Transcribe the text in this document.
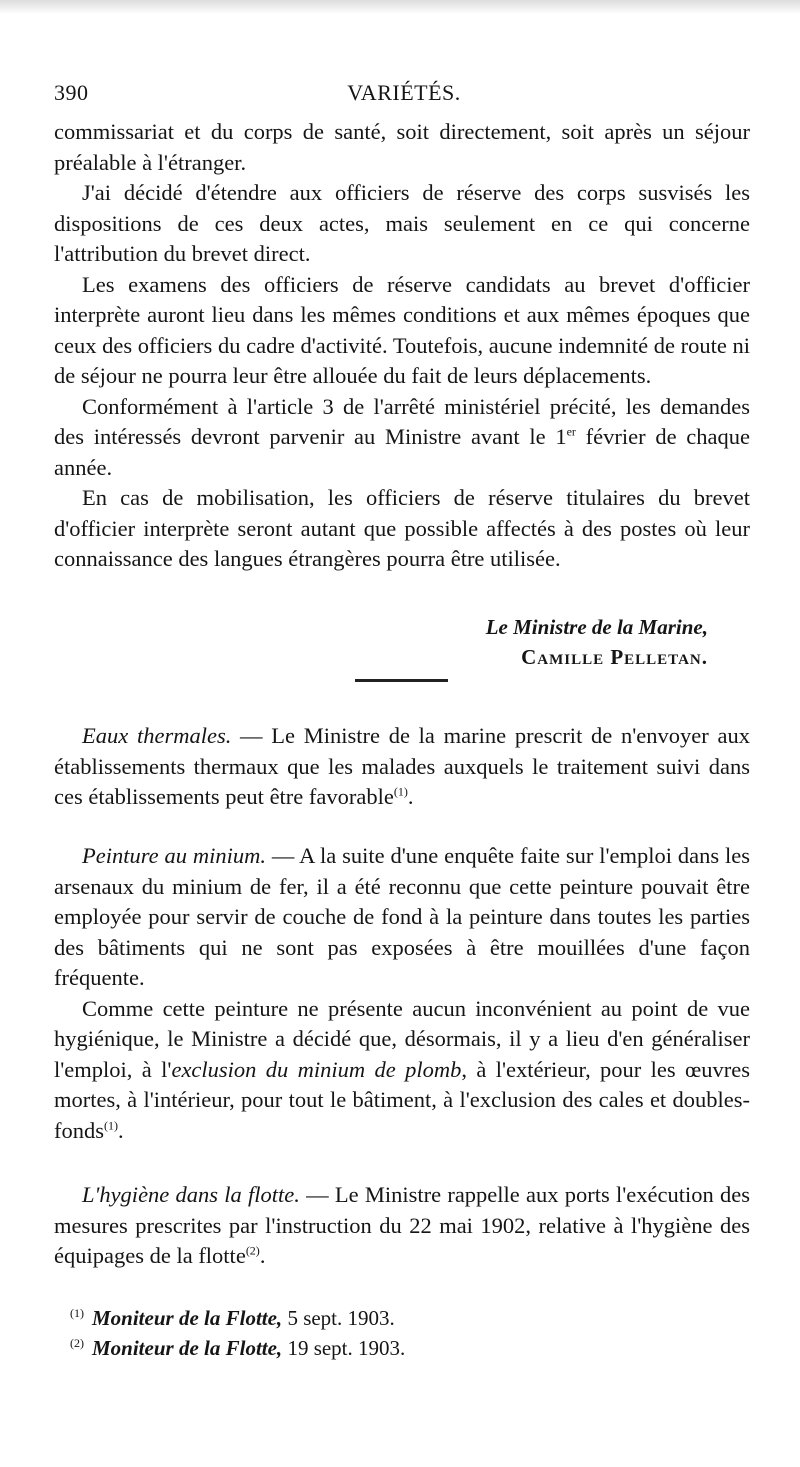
390	VARIÉTÉS.

commissariat et du corps de santé, soit directement, soit après un séjour préalable à l'étranger.

J'ai décidé d'étendre aux officiers de réserve des corps susvisés les dispositions de ces deux actes, mais seulement en ce qui concerne l'attribution du brevet direct.

Les examens des officiers de réserve candidats au brevet d'officier interprète auront lieu dans les mêmes conditions et aux mêmes époques que ceux des officiers du cadre d'activité. Toutefois, aucune indemnité de route ni de séjour ne pourra leur être allouée du fait de leurs déplacements.

Conformément à l'article 3 de l'arrêté ministériel précité, les demandes des intéressés devront parvenir au Ministre avant le 1er février de chaque année.

En cas de mobilisation, les officiers de réserve titulaires du brevet d'officier interprète seront autant que possible affectés à des postes où leur connaissance des langues étrangères pourra être utilisée.

Le Ministre de la Marine,
Camille Pelletan.

Eaux thermales. — Le Ministre de la marine prescrit de n'envoyer aux établissements thermaux que les malades auxquels le traitement suivi dans ces établissements peut être favorable$^{(1)}$.

Peinture au minium. — A la suite d'une enquête faite sur l'emploi dans les arsenaux du minium de fer, il a été reconnu que cette peinture pouvait être employée pour servir de couche de fond à la peinture dans toutes les parties des bâtiments qui ne sont pas exposées à être mouillées d'une façon fréquente.

Comme cette peinture ne présente aucun inconvénient au point de vue hygiénique, le Ministre a décidé que, désormais, il y a lieu d'en généraliser l'emploi, à l'exclusion du minium de plomb, à l'extérieur, pour les œuvres mortes, à l'intérieur, pour tout le bâtiment, à l'exclusion des cales et doubles-fonds$^{(1)}$.

L'hygiène dans la flotte. — Le Ministre rappelle aux ports l'exécution des mesures prescrites par l'instruction du 22 mai 1902, relative à l'hygiène des équipages de la flotte$^{(2)}$.

$^{(1)}$ Moniteur de la Flotte, 5 sept. 1903.
$^{(2)}$ Moniteur de la Flotte, 19 sept. 1903.
